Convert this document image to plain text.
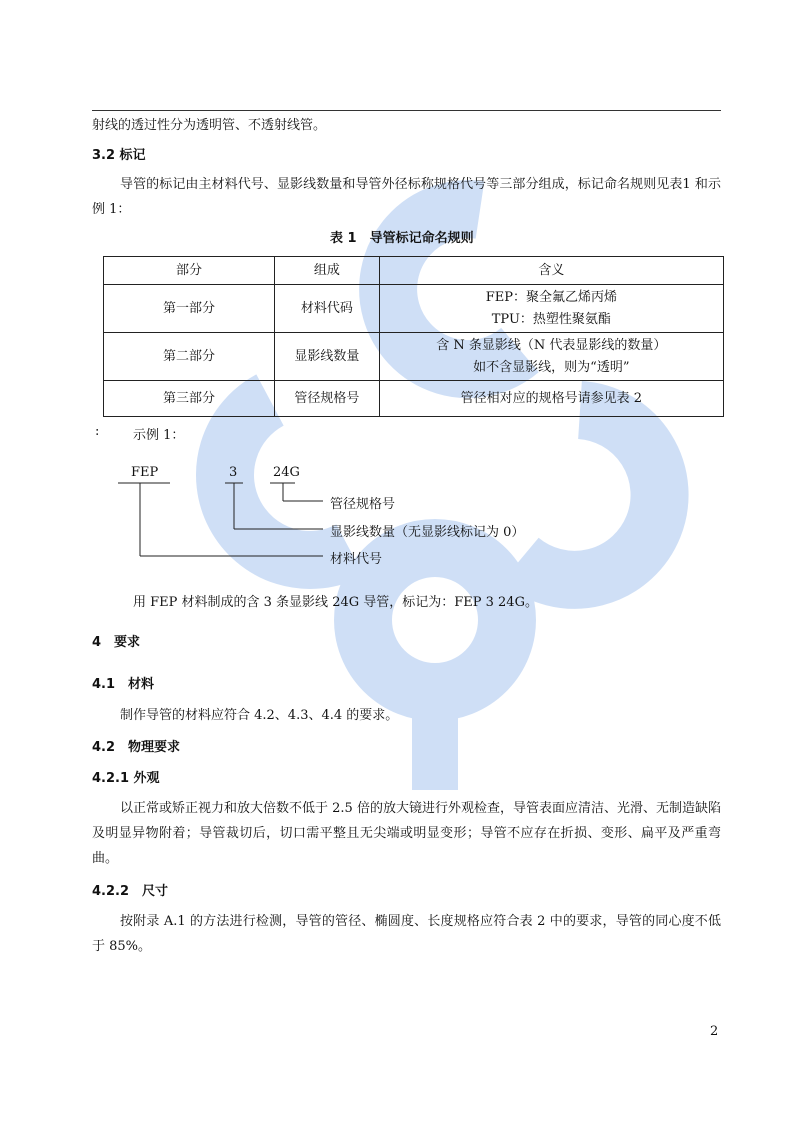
射线的透过性分为透明管、不透射线管。
3.2 标记
导管的标记由主材料代号、显影线数量和导管外径标称规格代号等三部分组成，标记命名规则见表1 和示例 1：
表 1　导管标记命名规则
部分	组成	含义
第一部分	材料代码	FEP：聚全氟乙烯丙烯
TPU：热塑性聚氨酯

第二部分	显影线数量	含 N 条显影线（N 代表显影线的数量）
如不含显影线，则为“透明”

第三部分	管径规格号	管径相对应的规格号请参见表 2
:	示例 1：
FEP	3	24G
管径规格号
显影线数量（无显影线标记为 0）
材料代号
用 FEP 材料制成的含 3 条显影线 24G 导管，标记为：FEP 3 24G。
4　要求
4.1　材料
制作导管的材料应符合 4.2、4.3、4.4 的要求。
4.2　物理要求
4.2.1 外观
以正常或矫正视力和放大倍数不低于 2.5 倍的放大镜进行外观检查，导管表面应清洁、光滑、无制造缺陷及明显异物附着；导管裁切后，切口需平整且无尖端或明显变形；导管不应存在折损、变形、扁平及严重弯曲。
4.2.2　尺寸
按附录 A.1 的方法进行检测，导管的管径、椭圆度、长度规格应符合表 2 中的要求，导管的同心度不低于 85%。
2
